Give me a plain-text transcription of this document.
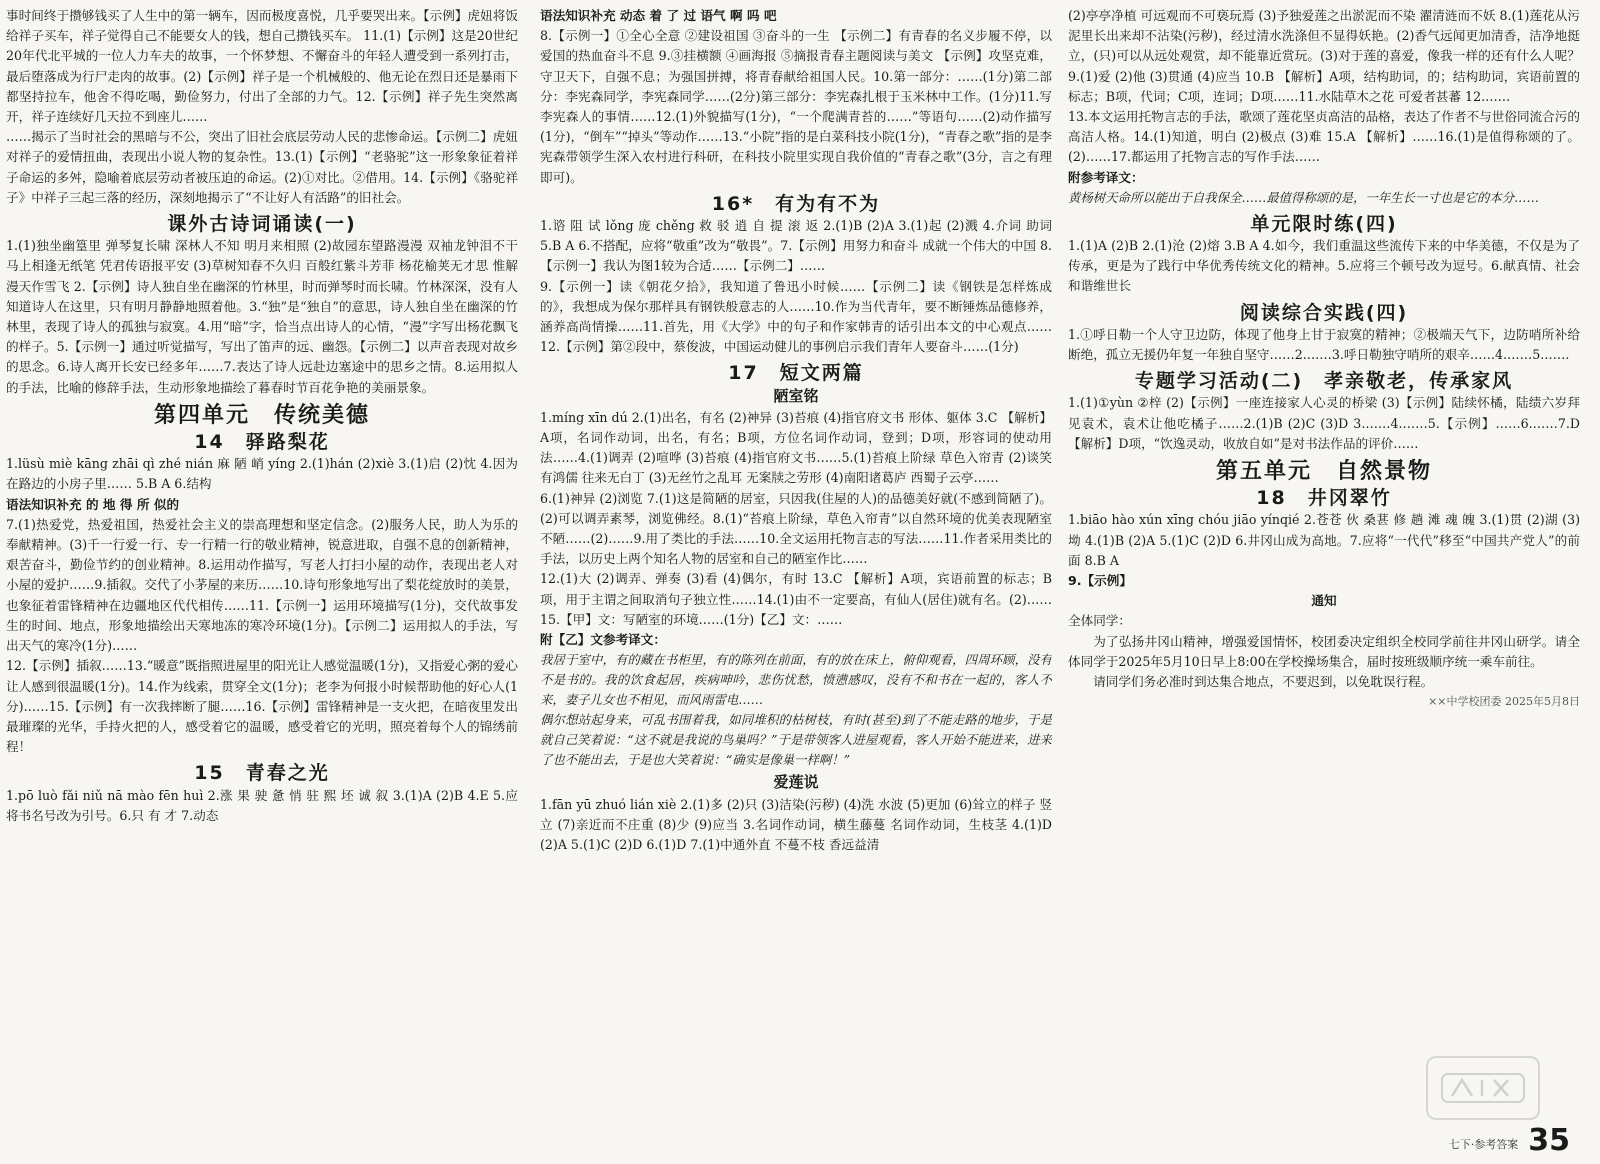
事时间终于攒够钱买了人生中的第一辆车，因而极度喜悦，几乎要哭出来。【示例】虎妞将饭给祥子买车，祥子觉得自己不能要女人的钱，想自己攒钱买车。 11.(1)【示例】这是20世纪20年代北平城的一位人力车夫的故事，一个怀梦想、不懈奋斗的年轻人遭受到一系列打击，最后堕落成为行尸走肉的故事。(2)【示例】祥子是一个机械般的、他无论在烈日还是暴雨下都坚持拉车，他舍不得吃喝，勤俭努力，付出了全部的力气。12.【示例】祥子先生突然离开，祥子连续好几天拉不到座儿……

……揭示了当时社会的黑暗与不公，突出了旧社会底层劳动人民的悲惨命运。【示例二】虎妞对祥子的爱情扭曲，表现出小说人物的复杂性。13.(1)【示例】“老骆驼”这一形象象征着祥子命运的多舛，隐喻着底层劳动者被压迫的命运。(2)①对比。②借用。14.【示例】《骆驼祥子》中祥子三起三落的经历，深刻地揭示了“不让好人有活路”的旧社会。

课外古诗词诵读(一)

1.(1)独坐幽篁里 弹琴复长啸 深林人不知 明月来相照 (2)故园东望路漫漫 双袖龙钟泪不干 马上相逢无纸笔 凭君传语报平安 (3)草树知春不久归 百般红紫斗芳菲 杨花榆荚无才思 惟解漫天作雪飞 2.【示例】诗人独自坐在幽深的竹林里，时而弹琴时而长啸。竹林深深，没有人知道诗人在这里，只有明月静静地照着他。3.“独”是“独自”的意思，诗人独自坐在幽深的竹林里，表现了诗人的孤独与寂寞。4.用“暗”字，恰当点出诗人的心情，“漫”字写出杨花飘飞的样子。5.【示例一】通过听觉描写，写出了笛声的远、幽怨。【示例二】以声音表现对故乡的思念。6.诗人离开长安已经多年……7.表达了诗人远赴边塞途中的思乡之情。8.运用拟人的手法，比喻的修辞手法，生动形象地描绘了暮春时节百花争艳的美丽景象。

第四单元　传统美德
14　驿路梨花

1.lüsù miè kāng zhāi qì zhé nián 麻 陋 峭 yíng 2.(1)hán (2)xiè 3.(1)启 (2)忱 4.因为在路边的小房子里…… 5.B A 6.结构

语法知识补充 的 地 得 所 似的

7.(1)热爱党，热爱祖国，热爱社会主义的崇高理想和坚定信念。(2)服务人民，助人为乐的奉献精神。(3)千一行爱一行、专一行精一行的敬业精神，锐意进取，自强不息的创新精神，艰苦奋斗，勤俭节约的创业精神。8.运用动作描写，写老人打扫小屋的动作，表现出老人对小屋的爱护……9.插叙。交代了小茅屋的来历……10.诗句形象地写出了梨花绽放时的美景，也象征着雷锋精神在边疆地区代代相传……11.【示例一】运用环境描写(1分)，交代故事发生的时间、地点，形象地描绘出天寒地冻的寒冷环境(1分)。【示例二】运用拟人的手法，写出天气的寒冷(1分)……

12.【示例】插叙……13.“暖意”既指照进屋里的阳光让人感觉温暖(1分)，又指爱心粥的爱心让人感到很温暖(1分)。14.作为线索，贯穿全文(1分)；老李为何报小时候帮助他的好心人(1分)……15.【示例】有一次我摔断了腿……16.【示例】雷锋精神是一支火把，在暗夜里发出最璀璨的光华，手持火把的人，感受着它的温暖，感受着它的光明，照亮着每个人的锦绣前程！

15　青春之光

1.pō luò fǎi niǔ nā mào fēn huì 2.涨 果 驶 惫 悄 驻 熙 坯 诚 叙 3.(1)A (2)B 4.E 5.应将书名号改为引号。6.只 有 才 7.动态

语法知识补充 动态 着 了 过 语气 啊 吗 吧

8.【示例一】①全心全意 ②建设祖国 ③奋斗的一生 【示例二】有青春的名义步履不停，以爱国的热血奋斗不息 9.③挂横额 ④画海报 ⑤摘报青春主题阅读与美文 【示例】攻坚克难，守卫天下，自强不息；为强国拼搏，将青春献给祖国人民。10.第一部分：……(1分)第二部分：李宪森同学，李宪森同学……(2分)第三部分：李宪森扎根于玉米林中工作。(1分)11.写李宪森人的事情……12.(1)外貌描写(1分)，“一个爬满青苔的……”等语句……(2)动作描写(1分)，“倒车”“掉头”等动作……13.“小院”指的是白菜科技小院(1分)，“青春之歌”指的是李宪森带领学生深入农村进行科研，在科技小院里实现自我价值的“青春之歌”(3分，言之有理即可)。

16*　有为有不为

1.谘 阻 试 lǒng 庞 chěng 救 驳 逍 自 提 滚 返 2.(1)B (2)A 3.(1)起 (2)溅 4.介词 助词 5.B A 6.不搭配，应将“敬重”改为“敬畏”。7.【示例】用努力和奋斗 成就一个伟大的中国 8.【示例一】我认为图1较为合适……【示例二】……

9.【示例一】读《朝花夕拾》，我知道了鲁迅小时候……【示例二】读《钢铁是怎样炼成的》，我想成为保尔那样具有钢铁般意志的人……10.作为当代青年，要不断锤炼品德修养，涵养高尚情操……11.首先，用《大学》中的句子和作家韩青的话引出本文的中心观点……12.【示例】第②段中，蔡俊波，中国运动健儿的事例启示我们青年人要奋斗……(1分)

17　短文两篇
陋室铭

1.míng xīn dú 2.(1)出名，有名 (2)神异 (3)苔痕 (4)指官府文书 形体、躯体 3.C 【解析】A项，名词作动词，出名，有名；B项，方位名词作动词，登到；D项，形容词的使动用法……4.(1)调弄 (2)喧哗 (3)苔痕 (4)指官府文书……5.(1)苔痕上阶绿 草色入帘青 (2)谈笑有鸿儒 往来无白丁 (3)无丝竹之乱耳 无案牍之劳形 (4)南阳诸葛庐 西蜀子云亭……

6.(1)神异 (2)浏览 7.(1)这是简陋的居室，只因我(住屋的人)的品德美好就(不感到简陋了)。(2)可以调弄素琴，浏览佛经。8.(1)“苔痕上阶绿，草色入帘青”以自然环境的优美表现陋室不陋……(2)……9.用了类比的手法……10.全文运用托物言志的写法……11.作者采用类比的手法，以历史上两个知名人物的居室和自己的陋室作比……

12.(1)大 (2)调弄、弹奏 (3)看 (4)偶尔，有时 13.C 【解析】A项，宾语前置的标志；B项，用于主谓之间取消句子独立性……14.(1)由不一定要高，有仙人(居住)就有名。(2)……15.【甲】文：写陋室的环境……(1分)【乙】文：……

附【乙】文参考译文：

我居于室中，有的藏在书柜里，有的陈列在前面，有的放在床上，俯仰观看，四周环顾，没有不是书的。我的饮食起居，疾病呻吟，悲伤忧愁，愤懑感叹，没有不和书在一起的，客人不来，妻子儿女也不相见，而风雨雷电……

偶尔想站起身来，可乱书围着我，如同堆积的枯树枝，有时(甚至)到了不能走路的地步，于是就自己笑着说：“这不就是我说的鸟巢吗？”于是带领客人进屋观看，客人开始不能进来，进来了也不能出去，于是也大笑着说：“确实是像巢一样啊！”

爱莲说

1.fān yū zhuó lián xiè 2.(1)多 (2)只 (3)洁染(污秽) (4)洗 水波 (5)更加 (6)耸立的样子 竖立 (7)亲近而不庄重 (8)少 (9)应当 3.名词作动词，横生藤蔓 名词作动词，生枝茎 4.(1)D (2)A 5.(1)C (2)D 6.(1)D 7.(1)中通外直 不蔓不枝 香远益清

(2)亭亭净植 可远观而不可亵玩焉 (3)予独爱莲之出淤泥而不染 濯清涟而不妖 8.(1)莲花从污泥里长出来却不沾染(污秽)，经过清水洗涤但不显得妖艳。(2)香气远闻更加清香，洁净地挺立，(只)可以从远处观赏，却不能靠近赏玩。(3)对于莲的喜爱，像我一样的还有什么人呢？9.(1)爱 (2)他 (3)贯通 (4)应当 10.B 【解析】A项，结构助词，的；结构助词，宾语前置的标志；B项，代词；C项，连词；D项……11.水陆草木之花 可爱者甚蕃 12.……

13.本文运用托物言志的手法，歌颂了莲花坚贞高洁的品格，表达了作者不与世俗同流合污的高洁人格。14.(1)知道，明白 (2)极点 (3)难 15.A 【解析】……16.(1)是值得称颂的了。(2)……17.都运用了托物言志的写作手法……

附参考译文：

黄杨树天命所以能出于自我保全……最值得称颂的是，一年生长一寸也是它的本分……

单元限时练(四)

1.(1)A (2)B 2.(1)沧 (2)熔 3.B A 4.如今，我们重温这些流传下来的中华美德，不仅是为了传承，更是为了践行中华优秀传统文化的精神。5.应将三个顿号改为逗号。6.献真情、社会和谐维世长

阅读综合实践(四)

1.①呼日勒一个人守卫边防，体现了他身上甘于寂寞的精神；②极端天气下，边防哨所补给断绝，孤立无援仍年复一年独自坚守……2.……3.呼日勒独守哨所的艰辛……4.……5.……

专题学习活动(二)　孝亲敬老，传承家风

1.(1)①yùn ②梓 (2)【示例】一座连接家人心灵的桥梁 (3)【示例】陆续怀橘，陆绩六岁拜见袁术，袁术让他吃橘子……2.(1)B (2)C (3)D 3.……4.……5.【示例】……6.……7.D 【解析】D项，“饮逸灵动，收放自如”是对书法作品的评价……

第五单元　自然景物
18　井冈翠竹

1.biāo hào xún xīng chóu jiāo yínqié 2.苍苍 伙 桑葚 修 趟 滩 魂 魄 3.(1)贯 (2)湖 (3)坳 4.(1)B (2)A 5.(1)C (2)D 6.井冈山成为高地。7.应将“一代代”移至“中国共产党人”的前面 8.B A

9.【示例】

通知

全体同学：

为了弘扬井冈山精神，增强爱国情怀，校团委决定组织全校同学前往井冈山研学。请全体同学于2025年5月10日早上8:00在学校操场集合，届时按班级顺序统一乘车前往。

请同学们务必准时到达集合地点，不要迟到，以免耽误行程。

××中学校团委 2025年5月8日

七下·参考答案 35
